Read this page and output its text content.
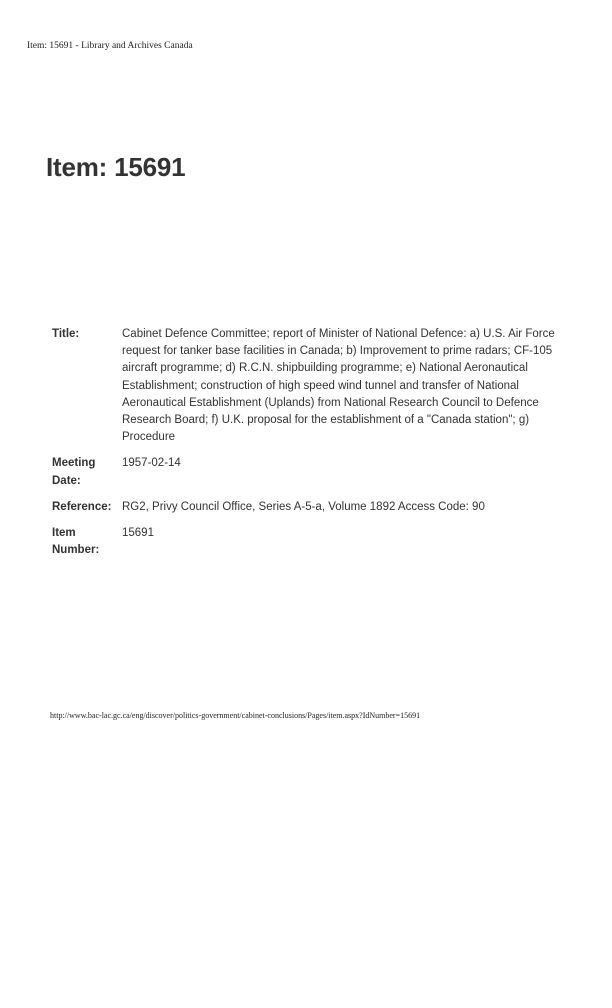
Item: 15691 - Library and Archives Canada
Item: 15691
Title:	Cabinet Defence Committee; report of Minister of National Defence: a) U.S. Air Force request for tanker base facilities in Canada; b) Improvement to prime radars; CF-105 aircraft programme; d) R.C.N. shipbuilding programme; e) National Aeronautical Establishment; construction of high speed wind tunnel and transfer of National Aeronautical Establishment (Uplands) from National Research Council to Defence Research Board; f) U.K. proposal for the establishment of a "Canada station"; g) Procedure
Meeting Date:	1957-02-14
Reference:	RG2, Privy Council Office, Series A-5-a, Volume 1892 Access Code: 90
Item Number:	15691
http://www.bac-lac.gc.ca/eng/discover/politics-government/cabinet-conclusions/Pages/item.aspx?IdNumber=15691
